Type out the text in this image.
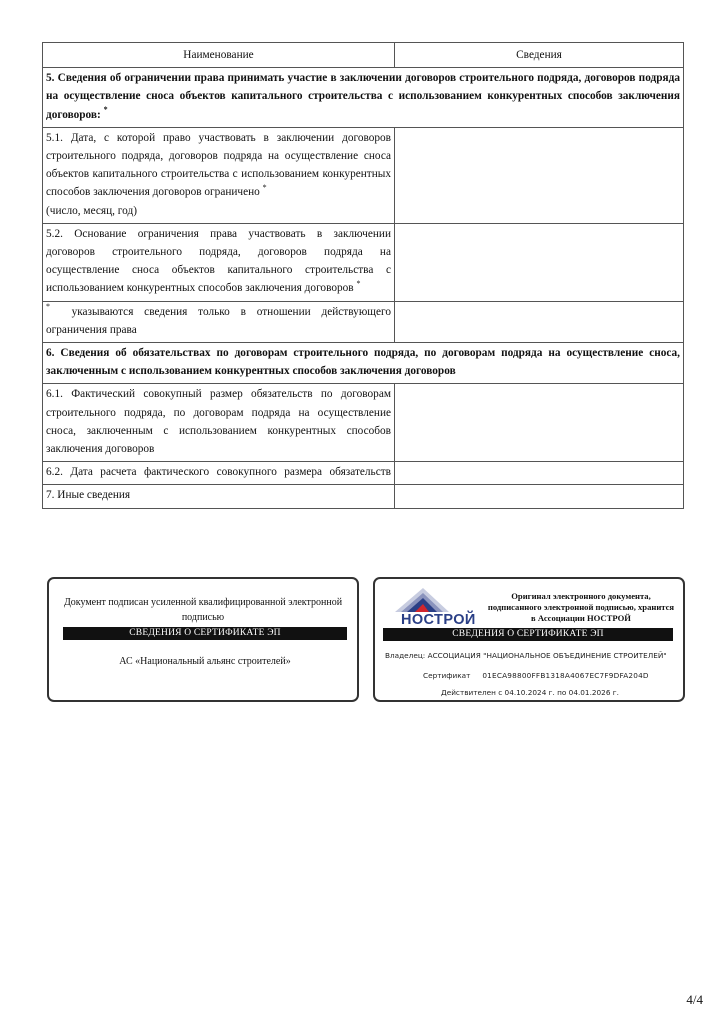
Наименование	Сведения
5. Сведения об ограничении права принимать участие в заключении договоров строительного подряда, договоров подряда на осуществление сноса объектов капитального строительства с использованием конкурентных способов заключения договоров: *
5.1. Дата, с которой право участвовать в заключении договоров строительного подряда, договоров подряда на осуществление сноса объектов капитального строительства с использованием конкурентных способов заключения договоров ограничено *
(число, месяц, год)	
5.2. Основание ограничения права участвовать в заключении договоров строительного подряда, договоров подряда на осуществление сноса объектов капитального строительства с использованием конкурентных способов заключения договоров *	
* указываются сведения только в отношении действующего ограничения права	
6. Сведения об обязательствах по договорам строительного подряда, по договорам подряда на осуществление сноса, заключенным с использованием конкурентных способов заключения договоров	
6.1. Фактический совокупный размер обязательств по договорам строительного подряда, по договорам подряда на осуществление сноса, заключенным с использованием конкурентных способов заключения договоров	
6.2. Дата расчета фактического совокупного размера обязательств	
7. Иные сведения	
Документ подписан усиленной квалифицированной электронной подписью
СВЕДЕНИЯ О СЕРТИФИКАТЕ ЭП
АС «Национальный альянс строителей»
НОСТРОЙ
Оригинал электронного документа, подписанного электронной подписью, хранится в Ассоциации НОСТРОЙ
СВЕДЕНИЯ О СЕРТИФИКАТЕ ЭП
Владелец: АССОЦИАЦИЯ "НАЦИОНАЛЬНОЕ ОБЪЕДИНЕНИЕ СТРОИТЕЛЕЙ"
Сертификат 01ECA98800FFB1318A4067EC7F9DFA204D
Действителен с 04.10.2024 г. по 04.01.2026 г.
4/4
